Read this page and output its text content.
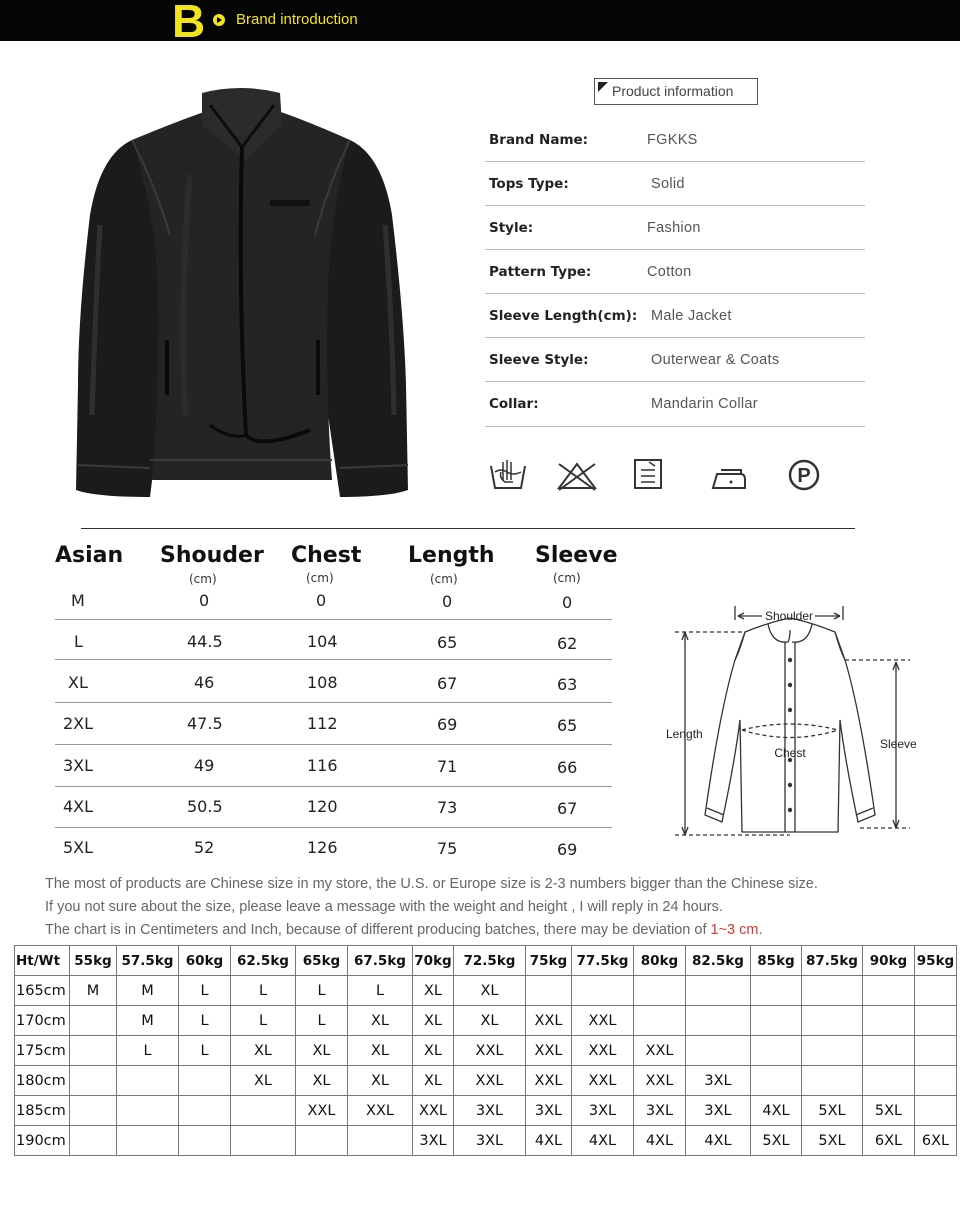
B Brand introduction
Product information
Brand Name:	FGKKS
Tops Type:	Solid
Style:	Fashion
Pattern Type:	Cotton
Sleeve Length(cm): Male Jacket
Sleeve Style:	Outerwear & Coats
Collar:	Mandarin Collar
P
Asian Shouder Chest Length Sleeve
(cm)	(cm)	(cm)	(cm)
M	0	0	0	0
L	44.5	104	65	62
XL	46	108	67	63
2XL	47.5	112	69	65
3XL	49	116	71	66
4XL	50.5	120	73	67
5XL	52	126	75	69
Shoulder
Length
Chest
Sleeve
The most of products are Chinese size in my store, the U.S. or Europe size is 2-3 numbers bigger than the Chinese size.
If you not sure about the size, please leave a message with the weight and height , I will reply in 24 hours.
The chart is in Centimeters and Inch, because of different producing batches, there may be deviation of 1~3 cm.
Ht/Wt	55kg	57.5kg	60kg	62.5kg	65kg	67.5kg	70kg	72.5kg	75kg	77.5kg	80kg	82.5kg	85kg	87.5kg	90kg	95kg
165cm	M	M	L	L	L	L	XL	XL								
170cm		M	L	L	L	XL	XL	XL	XXL	XXL						
175cm		L	L	XL	XL	XL	XL	XXL	XXL	XXL	XXL					
180cm				XL	XL	XL	XL	XXL	XXL	XXL	XXL	3XL				
185cm					XXL	XXL	XXL	3XL	3XL	3XL	3XL	3XL	4XL	5XL	5XL	
190cm							3XL	3XL	4XL	4XL	4XL	4XL	5XL	5XL	6XL	6XL
